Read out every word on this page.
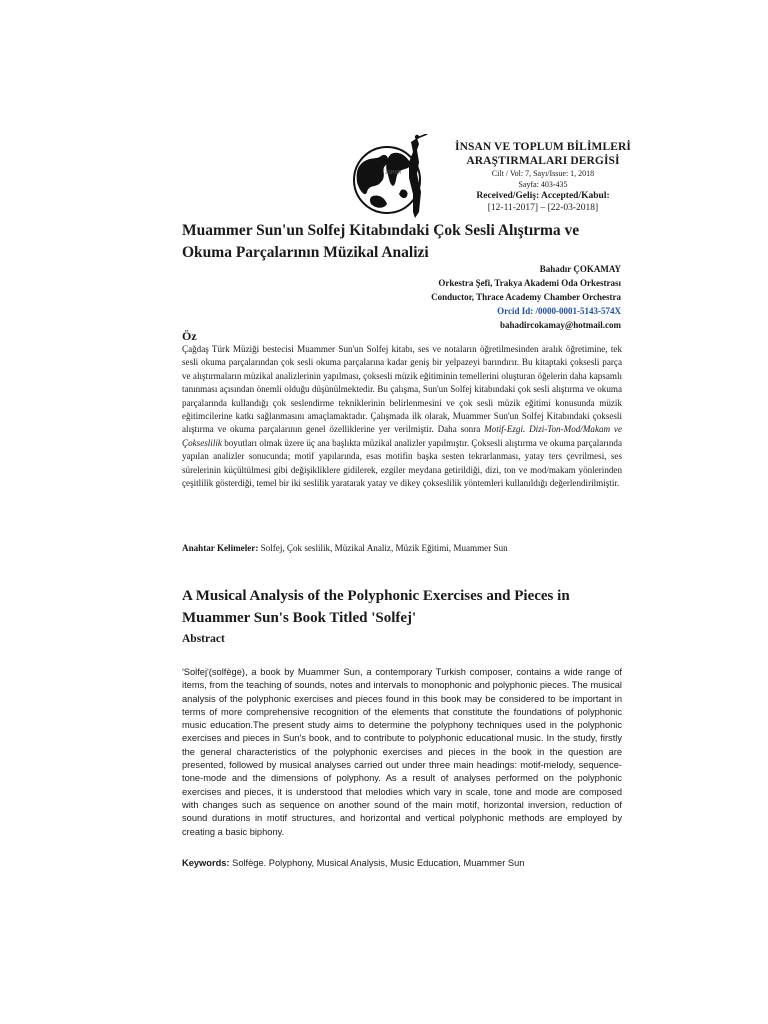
JSHSR
İNSAN VE TOPLUM BİLİMLERİ
ARAŞTIRMALARI DERGİSİ
Cilt / Vol: 7, Sayı/Issue: 1, 2018
Sayfa: 403-435
Received/Geliş: Accepted/Kabul:
[12-11-2017] – [22-03-2018]
Muammer Sun'un Solfej Kitabındaki Çok Sesli Alıştırma ve Okuma Parçalarının Müzikal Analizi
Bahadır ÇOKAMAY
Orkestra Şefi, Trakya Akademi Oda Orkestrası
Conductor, Thrace Academy Chamber Orchestra
Orcid Id: /0000-0001-5143-574X
bahadircokamay@hotmail.com
Öz

Çağdaş Türk Müziği bestecisi Muammer Sun'un Solfej kitabı, ses ve notaların öğretilmesinden aralık öğretimine, tek sesli okuma parçalarından çok sesli okuma parçalarına kadar geniş bir yelpazeyi barındırır. Bu kitaptaki çoksesli parça ve alıştırmaların müzikal analizlerinin yapılması, çoksesli müzik eğitiminin temellerini oluşturan öğelerin daha kapsamlı tanınması açısından önemli olduğu düşünülmektedir. Bu çalışma, Sun'un Solfej kitabındaki çok sesli alıştırma ve okuma parçalarında kullandığı çok seslendirme tekniklerinin belirlenmesini ve çok sesli müzik eğitimi konusunda müzik eğitimcilerine katkı sağlanmasını amaçlamaktadır. Çalışmada ilk olarak, Muammer Sun'un Solfej Kitabındaki çoksesli alıştırma ve okuma parçalarının genel özelliklerine yer verilmiştir. Daha sonra Motif-Ezgi. Dizi-Ton-Mod/Makam ve Çokseslilik boyutları olmak üzere üç ana başlıkta müzikal analizler yapılmıştır. Çoksesli alıştırma ve okuma parçalarında yapılan analizler sonucunda; motif yapılarında, esas motifin başka sesten tekrarlanması, yatay ters çevrilmesi, ses sürelerinin küçültülmesi gibi değişikliklere gidilerek, ezgiler meydana getirildiği, dizi, ton ve mod/makam yönlerinden çeşitlilik gösterdiği, temel bir iki seslilik yaratarak yatay ve dikey çokseslilik yöntemleri kullanıldığı değerlendirilmiştir.

Anahtar Kelimeler: Solfej, Çok seslilik, Müzikal Analiz, Müzik Eğitimi, Muammer Sun

A Musical Analysis of the Polyphonic Exercises and Pieces in Muammer Sun's Book Titled 'Solfej'
Abstract

'Solfej'(solfège), a book by Muammer Sun, a contemporary Turkish composer, contains a wide range of items, from the teaching of sounds, notes and intervals to monophonic and polyphonic pieces. The musical analysis of the polyphonic exercises and pieces found in this book may be considered to be important in terms of more comprehensive recognition of the elements that constitute the foundations of polyphonic music education.The present study aims to determine the polyphony techniques used in the polyphonic exercises and pieces in Sun's book, and to contribute to polyphonic educational music. In the study, firstly the general characteristics of the polyphonic exercises and pieces in the book in the question are presented, followed by musical analyses carried out under three main headings: motif-melody, sequence-tone-mode and the dimensions of polyphony. As a result of analyses performed on the polyphonic exercises and pieces, it is understood that melodies which vary in scale, tone and mode are composed with changes such as sequence on another sound of the main motif, horizontal inversion, reduction of sound durations in motif structures, and horizontal and vertical polyphonic methods are employed by creating a basic biphony.

Keywords: Solfège. Polyphony, Musical Analysis, Music Education, Muammer Sun
